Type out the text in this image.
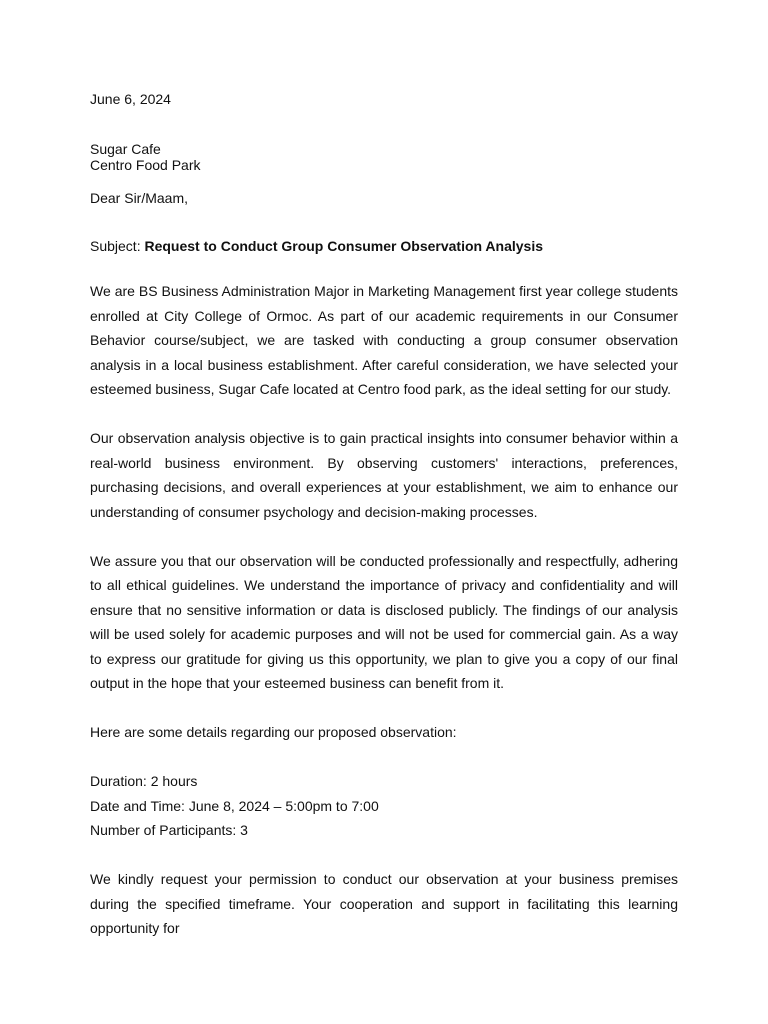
June 6, 2024

Sugar Cafe

Centro Food Park

Dear Sir/Maam,

Subject: Request to Conduct Group Consumer Observation Analysis

We are BS Business Administration Major in Marketing Management first year college students enrolled at City College of Ormoc. As part of our academic requirements in our Consumer Behavior course/subject, we are tasked with conducting a group consumer observation analysis in a local business establishment. After careful consideration, we have selected your esteemed business, Sugar Cafe located at Centro food park, as the ideal setting for our study.

Our observation analysis objective is to gain practical insights into consumer behavior within a real-world business environment. By observing customers' interactions, preferences, purchasing decisions, and overall experiences at your establishment, we aim to enhance our understanding of consumer psychology and decision-making processes.

We assure you that our observation will be conducted professionally and respectfully, adhering to all ethical guidelines. We understand the importance of privacy and confidentiality and will ensure that no sensitive information or data is disclosed publicly. The findings of our analysis will be used solely for academic purposes and will not be used for commercial gain. As a way to express our gratitude for giving us this opportunity, we plan to give you a copy of our final output in the hope that your esteemed business can benefit from it.

Here are some details regarding our proposed observation:

Duration: 2 hours

Date and Time: June 8, 2024 – 5:00pm to 7:00

Number of Participants: 3

We kindly request your permission to conduct our observation at your business premises during the specified timeframe. Your cooperation and support in facilitating this learning opportunity for
